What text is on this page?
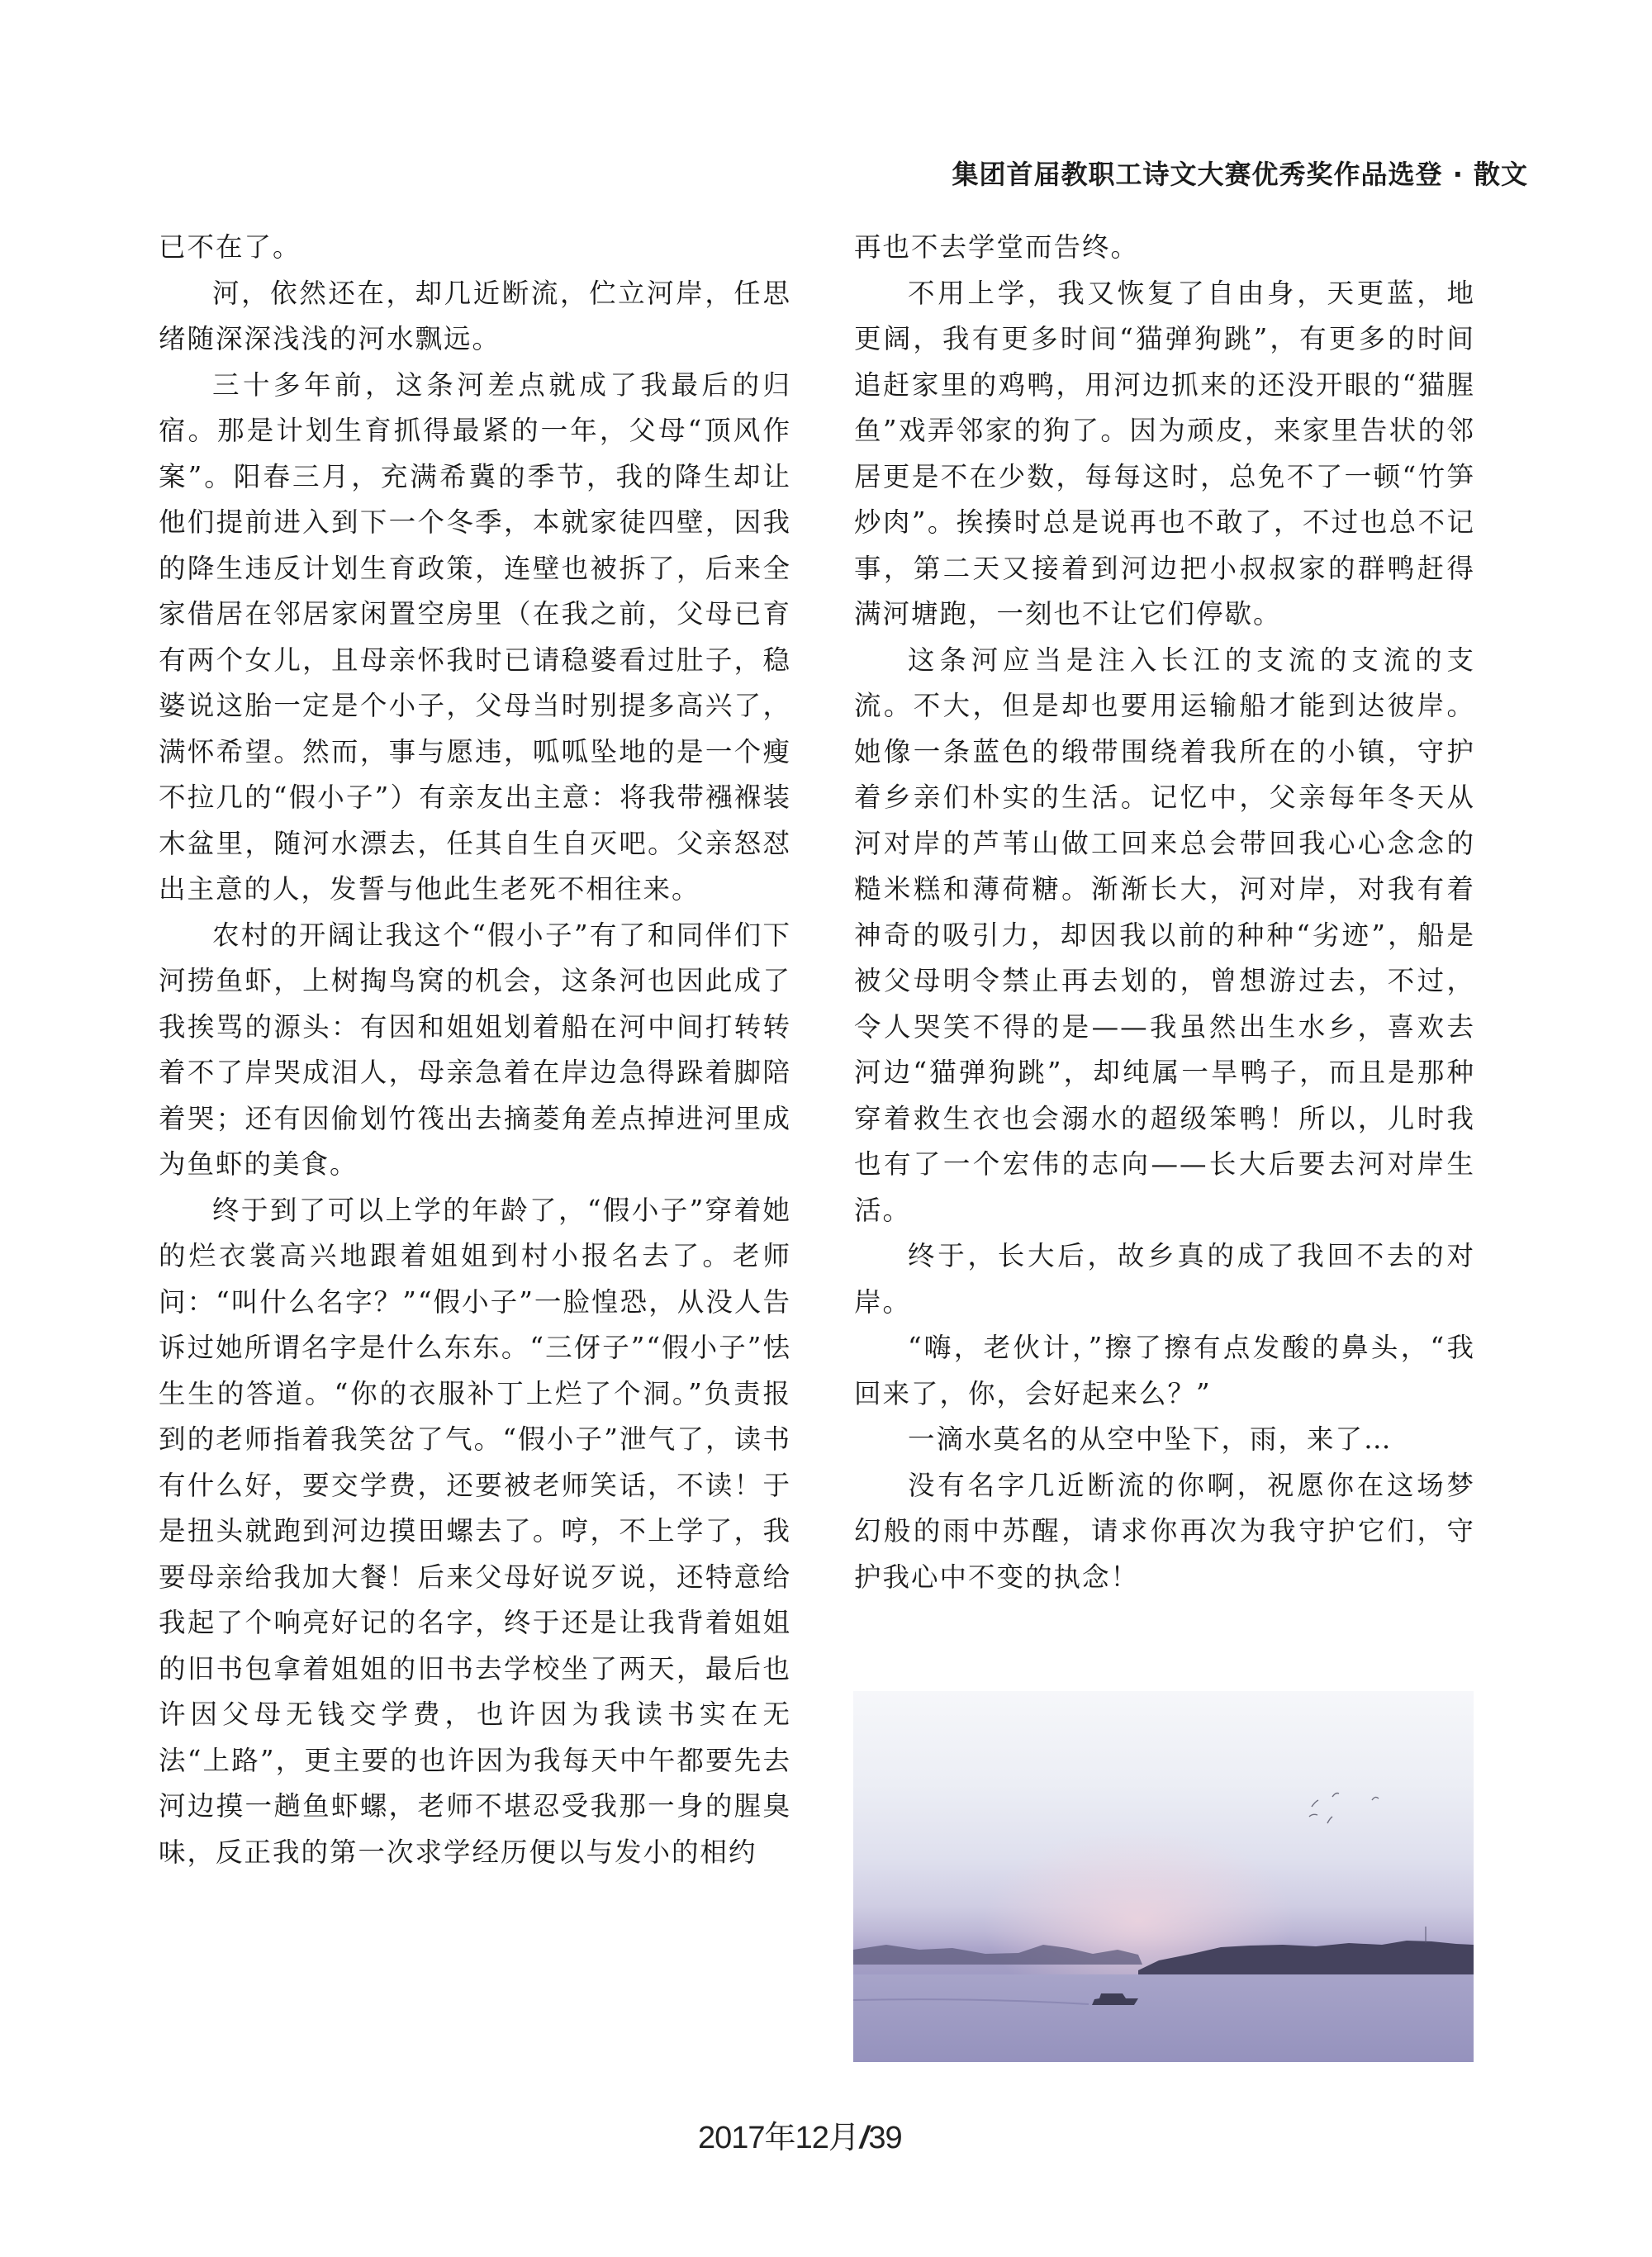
集团首届教职工诗文大赛优秀奖作品选登 · 散文

已不在了。

河，依然还在，却几近断流，伫立河岸，任思绪随深深浅浅的河水飘远。

三十多年前，这条河差点就成了我最后的归宿。那是计划生育抓得最紧的一年，父母“顶风作案”。阳春三月，充满希冀的季节，我的降生却让他们提前进入到下一个冬季，本就家徒四壁，因我的降生违反计划生育政策，连壁也被拆了，后来全家借居在邻居家闲置空房里（在我之前，父母已育有两个女儿，且母亲怀我时已请稳婆看过肚子，稳婆说这胎一定是个小子，父母当时别提多高兴了，满怀希望。然而，事与愿违，呱呱坠地的是一个瘦不拉几的“假小子”）有亲友出主意：将我带襁褓装木盆里，随河水漂去，任其自生自灭吧。父亲怒怼出主意的人，发誓与他此生老死不相往来。

农村的开阔让我这个“假小子”有了和同伴们下河捞鱼虾，上树掏鸟窝的机会，这条河也因此成了我挨骂的源头：有因和姐姐划着船在河中间打转转着不了岸哭成泪人，母亲急着在岸边急得跺着脚陪着哭；还有因偷划竹筏出去摘菱角差点掉进河里成为鱼虾的美食。

终于到了可以上学的年龄了，“假小子”穿着她的烂衣裳高兴地跟着姐姐到村小报名去了。老师问：“叫什么名字？”“假小子”一脸惶恐，从没人告诉过她所谓名字是什么东东。“三伢子”“假小子”怯生生的答道。“你的衣服补丁上烂了个洞。”负责报到的老师指着我笑岔了气。“假小子”泄气了，读书有什么好，要交学费，还要被老师笑话，不读！于是扭头就跑到河边摸田螺去了。哼，不上学了，我要母亲给我加大餐！后来父母好说歹说，还特意给我起了个响亮好记的名字，终于还是让我背着姐姐的旧书包拿着姐姐的旧书去学校坐了两天，最后也许因父母无钱交学费，也许因为我读书实在无法“上路”，更主要的也许因为我每天中午都要先去河边摸一趟鱼虾螺，老师不堪忍受我那一身的腥臭味，反正我的第一次求学经历便以与发小的相约

再也不去学堂而告终。

不用上学，我又恢复了自由身，天更蓝，地更阔，我有更多时间“猫弹狗跳”，有更多的时间追赶家里的鸡鸭，用河边抓来的还没开眼的“猫腥鱼”戏弄邻家的狗了。因为顽皮，来家里告状的邻居更是不在少数，每每这时，总免不了一顿“竹笋炒肉”。挨揍时总是说再也不敢了，不过也总不记事，第二天又接着到河边把小叔叔家的群鸭赶得满河塘跑，一刻也不让它们停歇。

这条河应当是注入长江的支流的支流的支流。不大，但是却也要用运输船才能到达彼岸。她像一条蓝色的缎带围绕着我所在的小镇，守护着乡亲们朴实的生活。记忆中，父亲每年冬天从河对岸的芦苇山做工回来总会带回我心心念念的糙米糕和薄荷糖。渐渐长大，河对岸，对我有着神奇的吸引力，却因我以前的种种“劣迹”，船是被父母明令禁止再去划的，曾想游过去，不过，令人哭笑不得的是——我虽然出生水乡，喜欢去河边“猫弹狗跳”，却纯属一旱鸭子，而且是那种穿着救生衣也会溺水的超级笨鸭！所以，儿时我也有了一个宏伟的志向——长大后要去河对岸生活。

终于，长大后，故乡真的成了我回不去的对岸。

“嗨，老伙计，”擦了擦有点发酸的鼻头，“我回来了，你，会好起来么？”

一滴水莫名的从空中坠下，雨，来了…

没有名字几近断流的你啊，祝愿你在这场梦幻般的雨中苏醒，请求你再次为我守护它们，守护我心中不变的执念！

2017年12月/39
